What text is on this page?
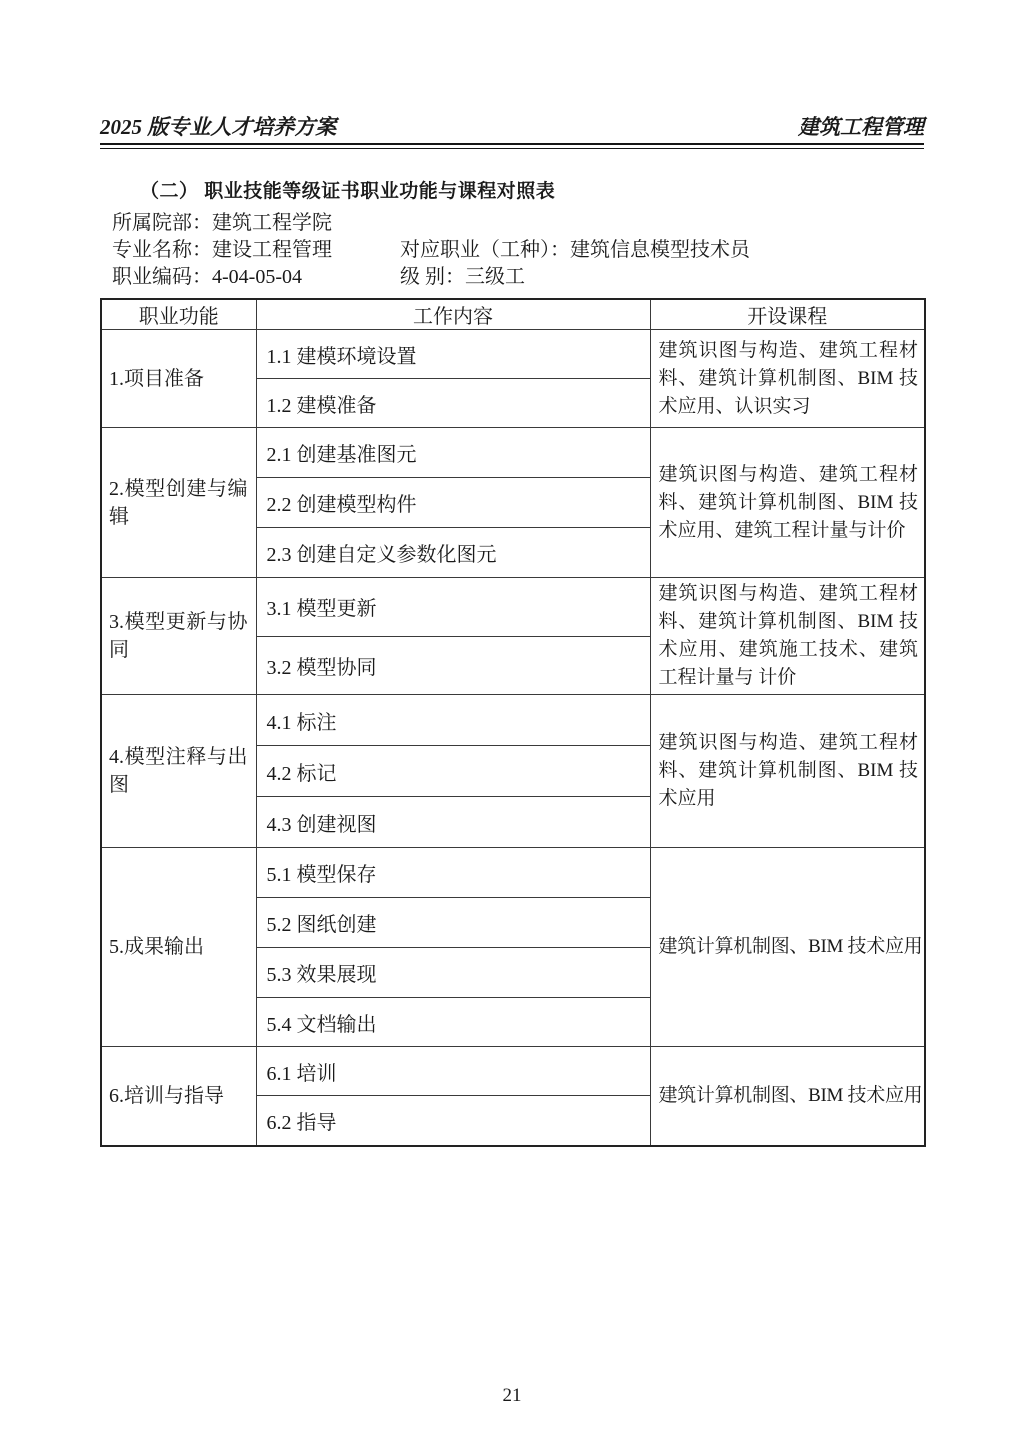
2025 版专业人才培养方案	建筑工程管理
（二） 职业技能等级证书职业功能与课程对照表
所属院部：建筑工程学院
专业名称：建设工程管理	对应职业（工种）：建筑信息模型技术员
职业编码：4-04-05-04	级 别：三级工
职业功能	工作内容	开设课程
1.项目准备	1.1 建模环境设置	建筑识图与构造、建筑工程材料、建筑计算机制图、BIM 技术应用、认识实习
	1.2 建模准备	
2.模型创建与编辑	2.1 创建基准图元	建筑识图与构造、建筑工程材料、建筑计算机制图、BIM 技术应用、建筑工程计量与计价
	2.2 创建模型构件	
	2.3 创建自定义参数化图元	
3.模型更新与协同	3.1 模型更新	建筑识图与构造、建筑工程材料、建筑计算机制图、BIM 技术应用、建筑施工技术、建筑工程计量与 计价
	3.2 模型协同	
4.模型注释与出图	4.1 标注	建筑识图与构造、建筑工程材料、建筑计算机制图、BIM 技术应用
	4.2 标记	
	4.3 创建视图	
5.成果输出	5.1 模型保存	建筑计算机制图、BIM 技术应用
	5.2 图纸创建	
	5.3 效果展现	
	5.4 文档输出	
6.培训与指导	6.1 培训	建筑计算机制图、BIM 技术应用
	6.2 指导	
21
